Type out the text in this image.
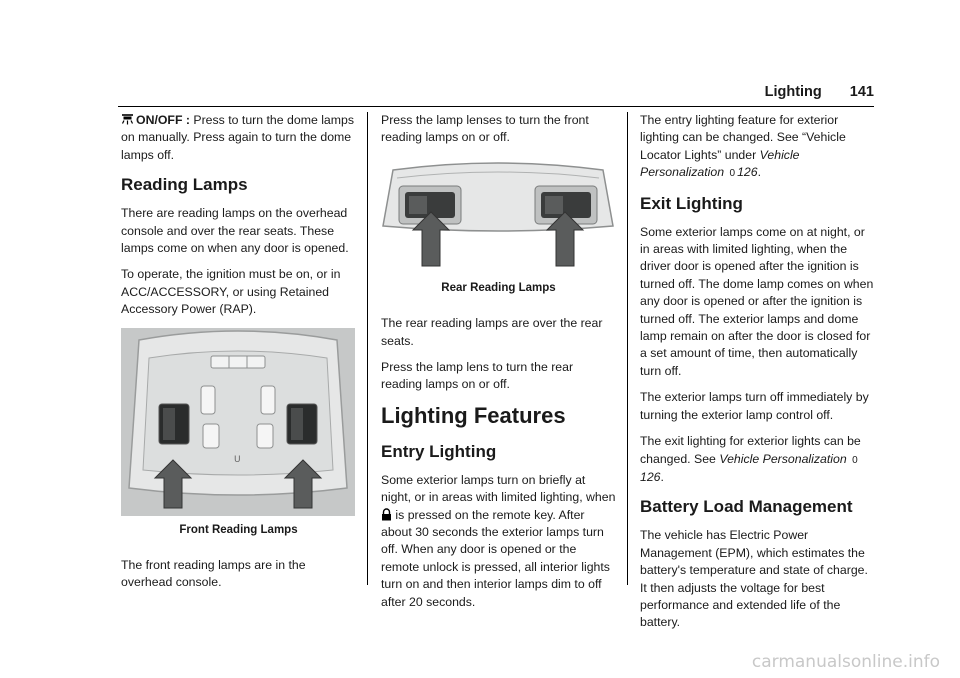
Lighting 141

ON/OFF : Press to turn the dome lamps on manually. Press again to turn the dome lamps off.

Reading Lamps

There are reading lamps on the overhead console and over the rear seats. These lamps come on when any door is opened.

To operate, the ignition must be on, or in ACC/ACCESSORY, or using Retained Accessory Power (RAP).

U
Front Reading Lamps

The front reading lamps are in the overhead console.

Press the lamp lenses to turn the front reading lamps on or off.

Rear Reading Lamps

The rear reading lamps are over the rear seats.

Press the lamp lens to turn the rear reading lamps on or off.

Lighting Features
Entry Lighting

Some exterior lamps turn on briefly at night, or in areas with limited lighting, when  is pressed on the remote key. After about 30 seconds the exterior lamps turn off. When any door is opened or the remote unlock is pressed, all interior lights turn on and then interior lamps dim to off after 20 seconds.

The entry lighting feature for exterior lighting can be changed. See “Vehicle Locator Lights” under Vehicle Personalization 0 126.

Exit Lighting

Some exterior lamps come on at night, or in areas with limited lighting, when the driver door is opened after the ignition is turned off. The dome lamp comes on when any door is opened or after the ignition is turned off. The exterior lamps and dome lamp remain on after the door is closed for a set amount of time, then automatically turn off.

The exterior lamps turn off immediately by turning the exterior lamp control off.

The exit lighting for exterior lights can be changed. See Vehicle Personalization 0126.

Battery Load Management

The vehicle has Electric Power Management (EPM), which estimates the battery's temperature and state of charge. It then adjusts the voltage for best performance and extended life of the battery.

carmanualsonline.info
